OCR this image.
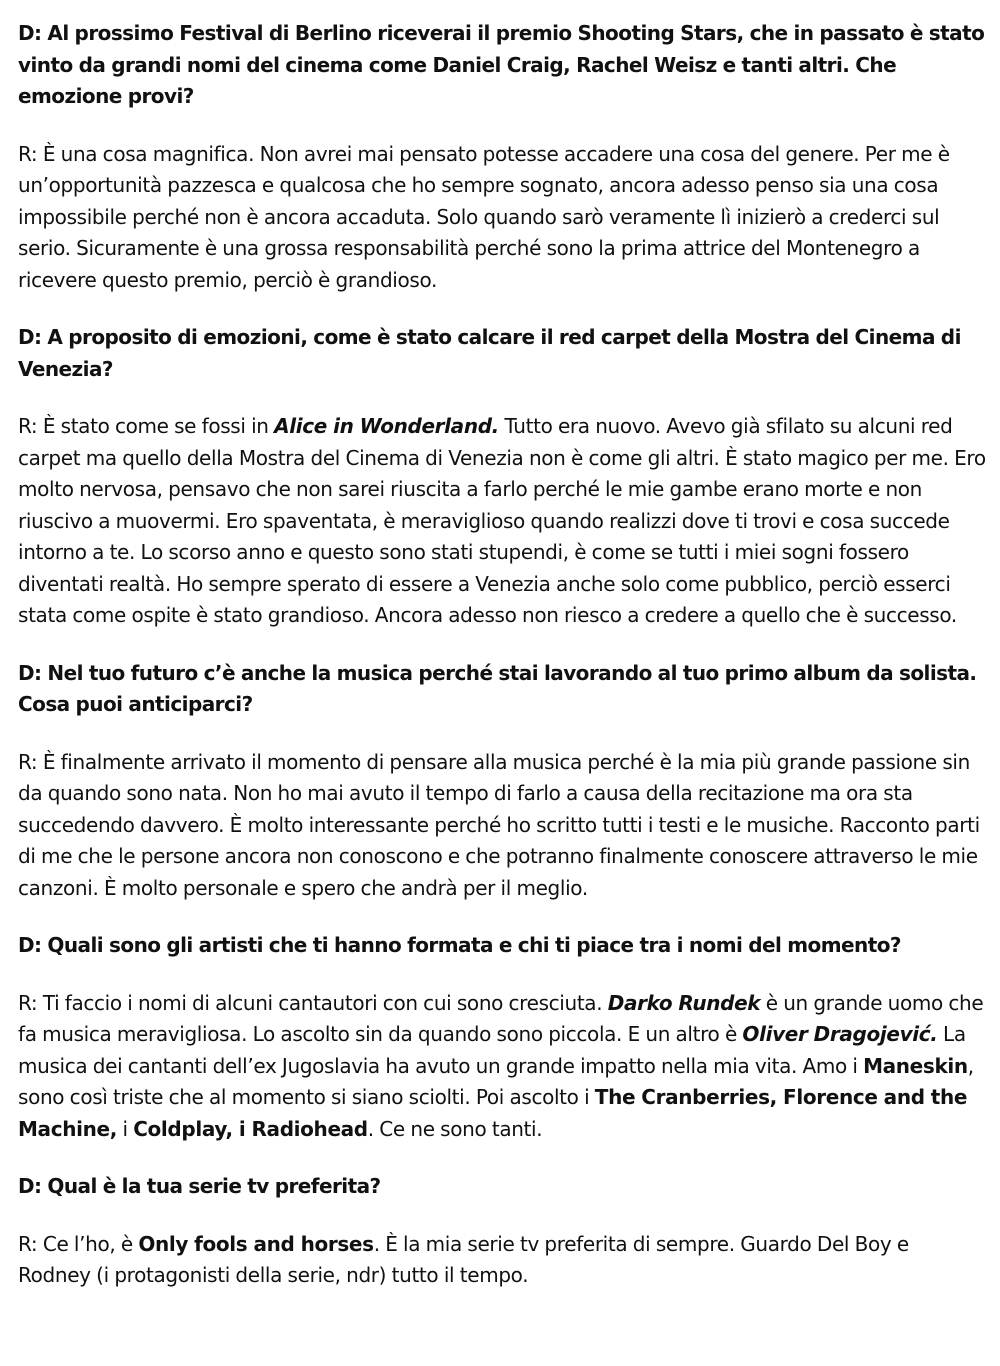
D: Al prossimo Festival di Berlino riceverai il premio Shooting Stars, che in passato è stato vinto da grandi nomi del cinema come Daniel Craig, Rachel Weisz e tanti altri. Che emozione provi?

R: È una cosa magnifica. Non avrei mai pensato potesse accadere una cosa del genere. Per me è un’opportunità pazzesca e qualcosa che ho sempre sognato, ancora adesso penso sia una cosa impossibile perché non è ancora accaduta. Solo quando sarò veramente lì inizierò a crederci sul serio. Sicuramente è una grossa responsabilità perché sono la prima attrice del Montenegro a ricevere questo premio, perciò è grandioso.

D: A proposito di emozioni, come è stato calcare il red carpet della Mostra del Cinema di Venezia?

R: È stato come se fossi in Alice in Wonderland. Tutto era nuovo. Avevo già sfilato su alcuni red carpet ma quello della Mostra del Cinema di Venezia non è come gli altri. È stato magico per me. Ero molto nervosa, pensavo che non sarei riuscita a farlo perché le mie gambe erano morte e non riuscivo a muovermi. Ero spaventata, è meraviglioso quando realizzi dove ti trovi e cosa succede intorno a te. Lo scorso anno e questo sono stati stupendi, è come se tutti i miei sogni fossero diventati realtà. Ho sempre sperato di essere a Venezia anche solo come pubblico, perciò esserci stata come ospite è stato grandioso. Ancora adesso non riesco a credere a quello che è successo.

D: Nel tuo futuro c’è anche la musica perché stai lavorando al tuo primo album da solista. Cosa puoi anticiparci?

R: È finalmente arrivato il momento di pensare alla musica perché è la mia più grande passione sin da quando sono nata. Non ho mai avuto il tempo di farlo a causa della recitazione ma ora sta succedendo davvero. È molto interessante perché ho scritto tutti i testi e le musiche. Racconto parti di me che le persone ancora non conoscono e che potranno finalmente conoscere attraverso le mie canzoni. È molto personale e spero che andrà per il meglio.

D: Quali sono gli artisti che ti hanno formata e chi ti piace tra i nomi del momento?

R: Ti faccio i nomi di alcuni cantautori con cui sono cresciuta. Darko Rundek è un grande uomo che fa musica meravigliosa. Lo ascolto sin da quando sono piccola. E un altro è Oliver Dragojević. La musica dei cantanti dell’ex Jugoslavia ha avuto un grande impatto nella mia vita. Amo i Maneskin, sono così triste che al momento si siano sciolti. Poi ascolto i The Cranberries, Florence and the Machine, i Coldplay, i Radiohead. Ce ne sono tanti.

D: Qual è la tua serie tv preferita?

R: Ce l’ho, è Only fools and horses. È la mia serie tv preferita di sempre. Guardo Del Boy e Rodney (i protagonisti della serie, ndr) tutto il tempo.
